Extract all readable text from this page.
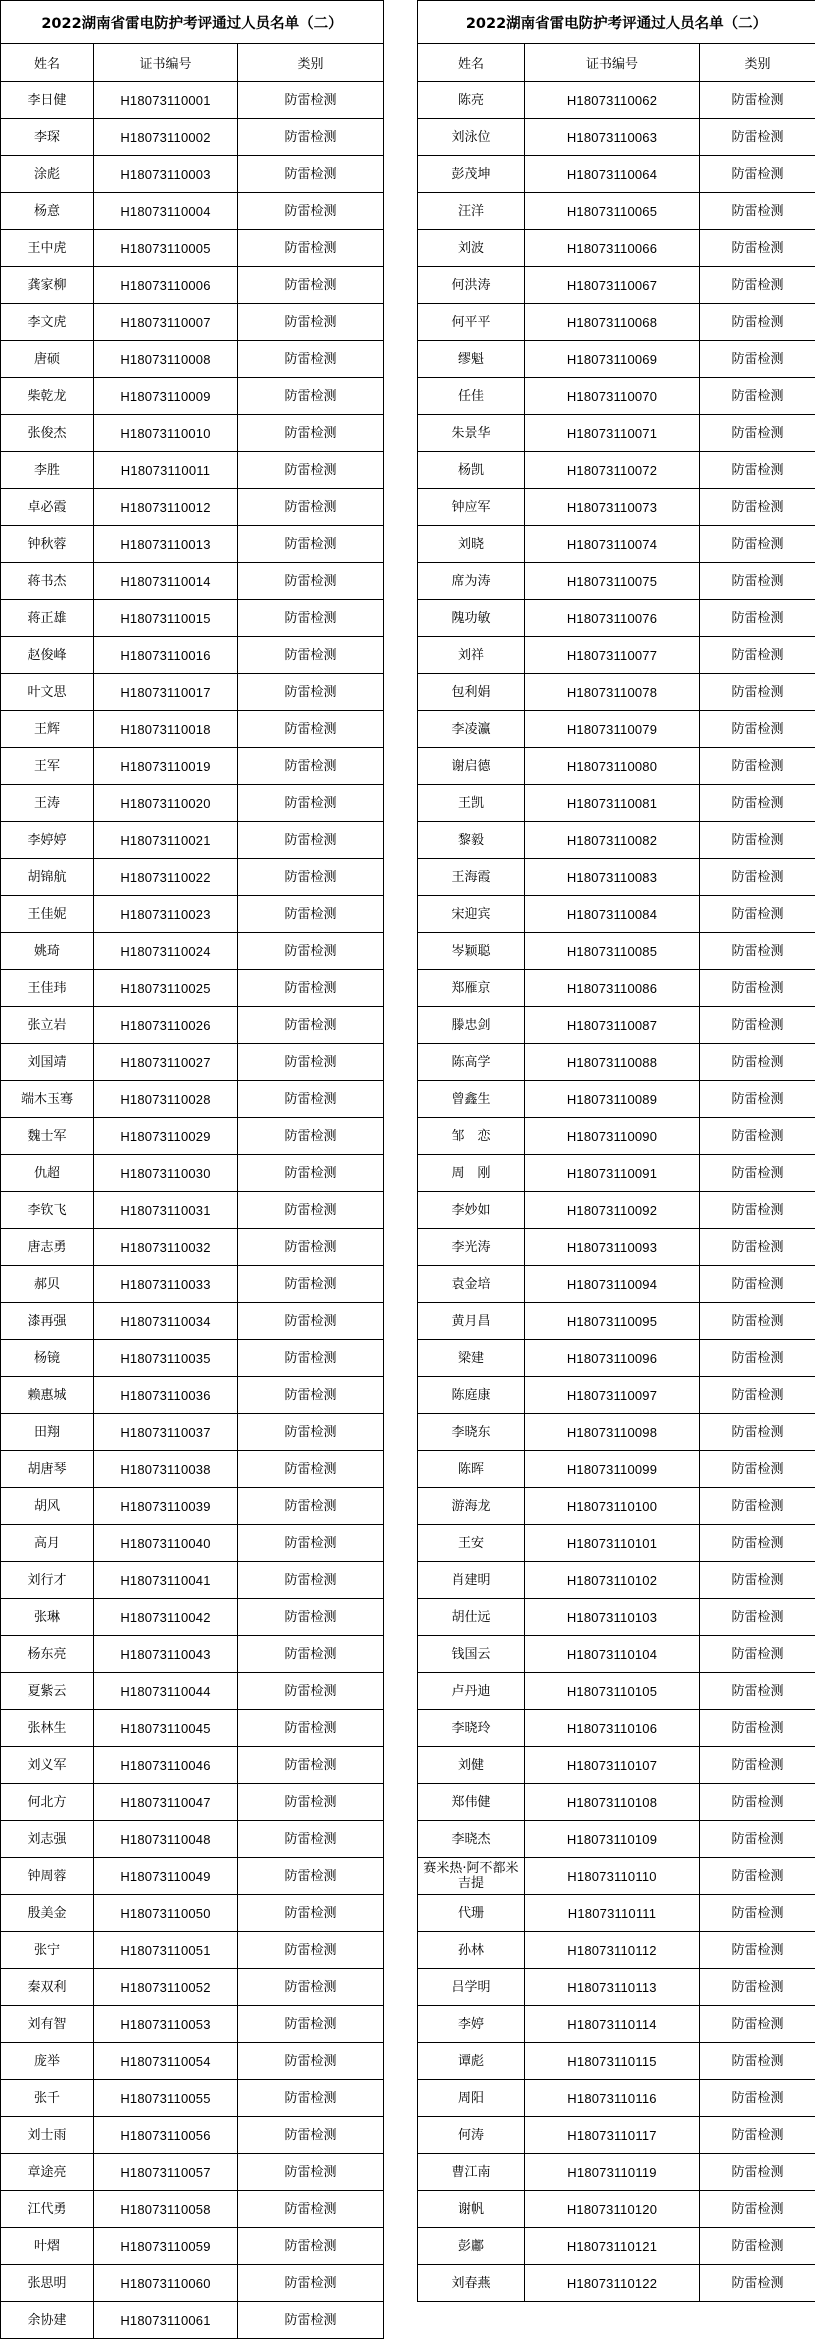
2022湖南省雷电防护考评通过人员名单（二）		
姓名	证书编号	类别
李日健	H18073110001	防雷检测
李琛	H18073110002	防雷检测
涂彪	H18073110003	防雷检测
杨意	H18073110004	防雷检测
王中虎	H18073110005	防雷检测
龚家柳	H18073110006	防雷检测
李文虎	H18073110007	防雷检测
唐硕	H18073110008	防雷检测
柴乾龙	H18073110009	防雷检测
张俊杰	H18073110010	防雷检测
李胜	H18073110011	防雷检测
卓必霞	H18073110012	防雷检测
钟秋蓉	H18073110013	防雷检测
蒋书杰	H18073110014	防雷检测
蒋正雄	H18073110015	防雷检测
赵俊峰	H18073110016	防雷检测
叶文思	H18073110017	防雷检测
王辉	H18073110018	防雷检测
王军	H18073110019	防雷检测
王涛	H18073110020	防雷检测
李婷婷	H18073110021	防雷检测
胡锦航	H18073110022	防雷检测
王佳妮	H18073110023	防雷检测
姚琦	H18073110024	防雷检测
王佳玮	H18073110025	防雷检测
张立岩	H18073110026	防雷检测
刘国靖	H18073110027	防雷检测
端木玉骞	H18073110028	防雷检测
魏士军	H18073110029	防雷检测
仇超	H18073110030	防雷检测
李钦飞	H18073110031	防雷检测
唐志勇	H18073110032	防雷检测
郝贝	H18073110033	防雷检测
漆再强	H18073110034	防雷检测
杨镜	H18073110035	防雷检测
赖惠城	H18073110036	防雷检测
田翔	H18073110037	防雷检测
胡唐琴	H18073110038	防雷检测
胡风	H18073110039	防雷检测
高月	H18073110040	防雷检测
刘行才	H18073110041	防雷检测
张琳	H18073110042	防雷检测
杨东亮	H18073110043	防雷检测
夏紫云	H18073110044	防雷检测
张林生	H18073110045	防雷检测
刘义军	H18073110046	防雷检测
何北方	H18073110047	防雷检测
刘志强	H18073110048	防雷检测
钟周蓉	H18073110049	防雷检测
殷美金	H18073110050	防雷检测
张宁	H18073110051	防雷检测
秦双利	H18073110052	防雷检测
刘有智	H18073110053	防雷检测
庞举	H18073110054	防雷检测
张千	H18073110055	防雷检测
刘士雨	H18073110056	防雷检测
章途亮	H18073110057	防雷检测
江代勇	H18073110058	防雷检测
叶熠	H18073110059	防雷检测
张思明	H18073110060	防雷检测
余协建	H18073110061	防雷检测
2022湖南省雷电防护考评通过人员名单（二）		
姓名	证书编号	类别
陈亮	H18073110062	防雷检测
刘泳位	H18073110063	防雷检测
彭茂坤	H18073110064	防雷检测
汪洋	H18073110065	防雷检测
刘波	H18073110066	防雷检测
何洪涛	H18073110067	防雷检测
何平平	H18073110068	防雷检测
缪魁	H18073110069	防雷检测
任佳	H18073110070	防雷检测
朱景华	H18073110071	防雷检测
杨凯	H18073110072	防雷检测
钟应军	H18073110073	防雷检测
刘晓	H18073110074	防雷检测
席为涛	H18073110075	防雷检测
隗功敏	H18073110076	防雷检测
刘祥	H18073110077	防雷检测
包利娟	H18073110078	防雷检测
李凌瀛	H18073110079	防雷检测
谢启德	H18073110080	防雷检测
王凯	H18073110081	防雷检测
黎毅	H18073110082	防雷检测
王海霞	H18073110083	防雷检测
宋迎宾	H18073110084	防雷检测
岑颖聪	H18073110085	防雷检测
郑雁京	H18073110086	防雷检测
滕忠剑	H18073110087	防雷检测
陈高学	H18073110088	防雷检测
曾鑫生	H18073110089	防雷检测
邹　恋	H18073110090	防雷检测
周　刚	H18073110091	防雷检测
李妙如	H18073110092	防雷检测
李光涛	H18073110093	防雷检测
袁金培	H18073110094	防雷检测
黄月昌	H18073110095	防雷检测
梁建	H18073110096	防雷检测
陈庭康	H18073110097	防雷检测
李晓东	H18073110098	防雷检测
陈晖	H18073110099	防雷检测
游海龙	H18073110100	防雷检测
王安	H18073110101	防雷检测
肖建明	H18073110102	防雷检测
胡仕远	H18073110103	防雷检测
钱国云	H18073110104	防雷检测
卢丹迪	H18073110105	防雷检测
李晓玲	H18073110106	防雷检测
刘健	H18073110107	防雷检测
郑伟健	H18073110108	防雷检测
李晓杰	H18073110109	防雷检测
赛米热·阿不都米吉提	H18073110110	防雷检测
代珊	H18073110111	防雷检测
孙林	H18073110112	防雷检测
吕学明	H18073110113	防雷检测
李婷	H18073110114	防雷检测
谭彪	H18073110115	防雷检测
周阳	H18073110116	防雷检测
何涛	H18073110117	防雷检测
曹江南	H18073110119	防雷检测
谢帆	H18073110120	防雷检测
彭鄘	H18073110121	防雷检测
刘春燕	H18073110122	防雷检测
